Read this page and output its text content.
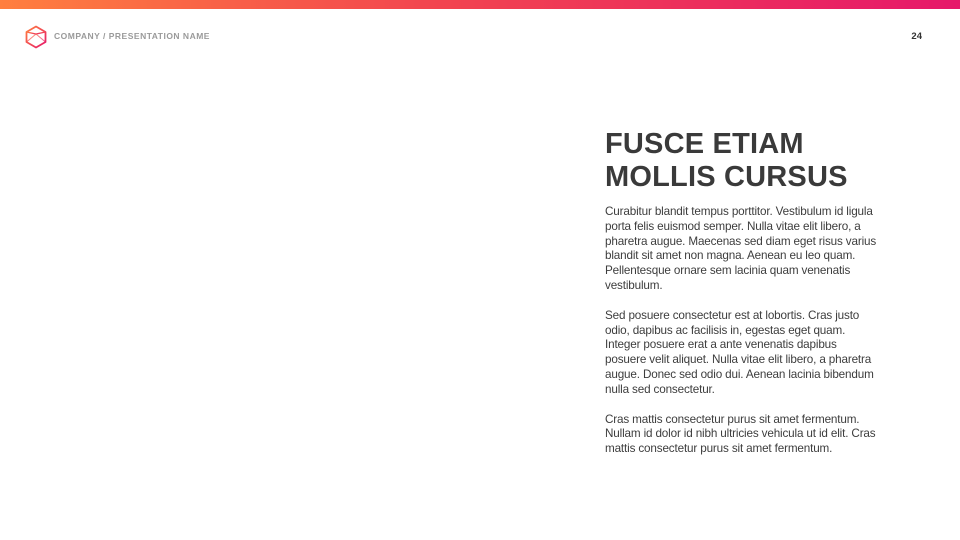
COMPANY / PRESENTATION NAME	24
FUSCE ETIAM
MOLLIS CURSUS

Curabitur blandit tempus porttitor. Vestibulum id ligula porta felis euismod semper. Nulla vitae elit libero, a pharetra augue. Maecenas sed diam eget risus varius blandit sit amet non magna. Aenean eu leo quam. Pellentesque ornare sem lacinia quam venenatis vestibulum.

Sed posuere consectetur est at lobortis. Cras justo odio, dapibus ac facilisis in, egestas eget quam. Integer posuere erat a ante venenatis dapibus posuere velit aliquet. Nulla vitae elit libero, a pharetra augue. Donec sed odio dui. Aenean lacinia bibendum nulla sed consectetur.

Cras mattis consectetur purus sit amet fermentum. Nullam id dolor id nibh ultricies vehicula ut id elit. Cras mattis consectetur purus sit amet fermentum.
